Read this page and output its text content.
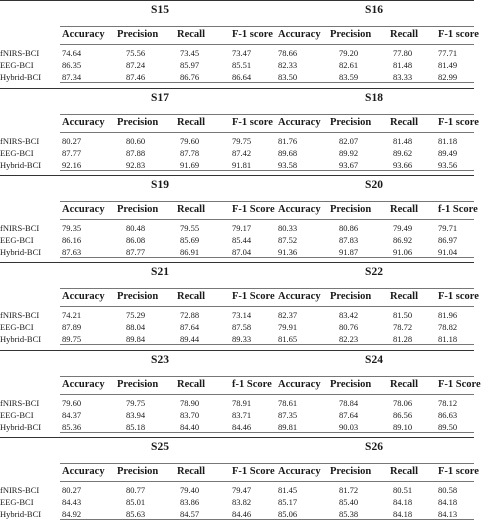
S15
Accuracy Precision Recall	F-1 score
S16
Accuracy Precision Recall F-1 score
fNIRS-BCI	74.64	75.56	73.45	73.47	78.66	79.20	77.80	77.71
EEG-BCI	86.35	87.24	85.97	85.51	82.33	82.61	81.48	81.49
Hybrid-BCI 87.34	87.46	86.76	86.64	83.50	83.59	83.33	82.99
S17
Accuracy Precision Recall	F-1 score
S18
Accuracy Precision Recall F-1 score
fNIRS-BCI	80.27	80.60	79.60	79.75	81.76	82.07	81.48	81.18
EEG-BCI	87.77	87.88	87.78	87.42	89.68	89.92	89.62	89.49
Hybrid-BCI 92.16	92.83	91.69	91.81	93.58	93.67	93.66	93.56
S19
Accuracy Precision Recall	F-1 Score
S20
Accuracy Precision Recall f-1 Score
fNIRS-BCI	79.35	80.48	79.55	79.17	80.33	80.86	79.49	79.71
EEG-BCI	86.16	86.08	85.69	85.44	87.52	87.83	86.92	86.97
Hybrid-BCI 87.63	87.77	86.91	87.04	91.36	91.87	91.06	91.04
S21
Accuracy Precision Recall	F-1 Score
S22
Accuracy Precision Recall F-1 score
fNIRS-BCI	74.21	75.29	72.88	73.14	82.37	83.42	81.50	81.96
EEG-BCI	87.89	88.04	87.64	87.58	79.91	80.76	78.72	78.82
Hybrid-BCI 89.75	89.84	89.44	89.33	81.65	82.23	81.28	81.18
S23
Accuracy Precision Recall	f-1 Score
S24
Accuracy Precision Recall F-1 Score
fNIRS-BCI	79.60	79.75	78.90	78.91	78.61	78.84	78.06	78.12
EEG-BCI	84.37	83.94	83.70	83.71	87.35	87.64	86.56	86.63
Hybrid-BCI 85.36	85.18	84.40	84.46	89.81	90.03	89.10	89.50
S25
Accuracy Precision Recall	F-1 Score
S26
Accuracy Precision Recall F-1 score
fNIRS-BCI	80.27	80.77	79.40	79.47	81.45	81.72	80.51	80.58
EEG-BCI	84.43	85.01	83.86	83.82	85.17	85.40	84.18	84.18
Hybrid-BCI 84.92	85.63	84.57	84.46	85.06	85.38	84.18	84.13
